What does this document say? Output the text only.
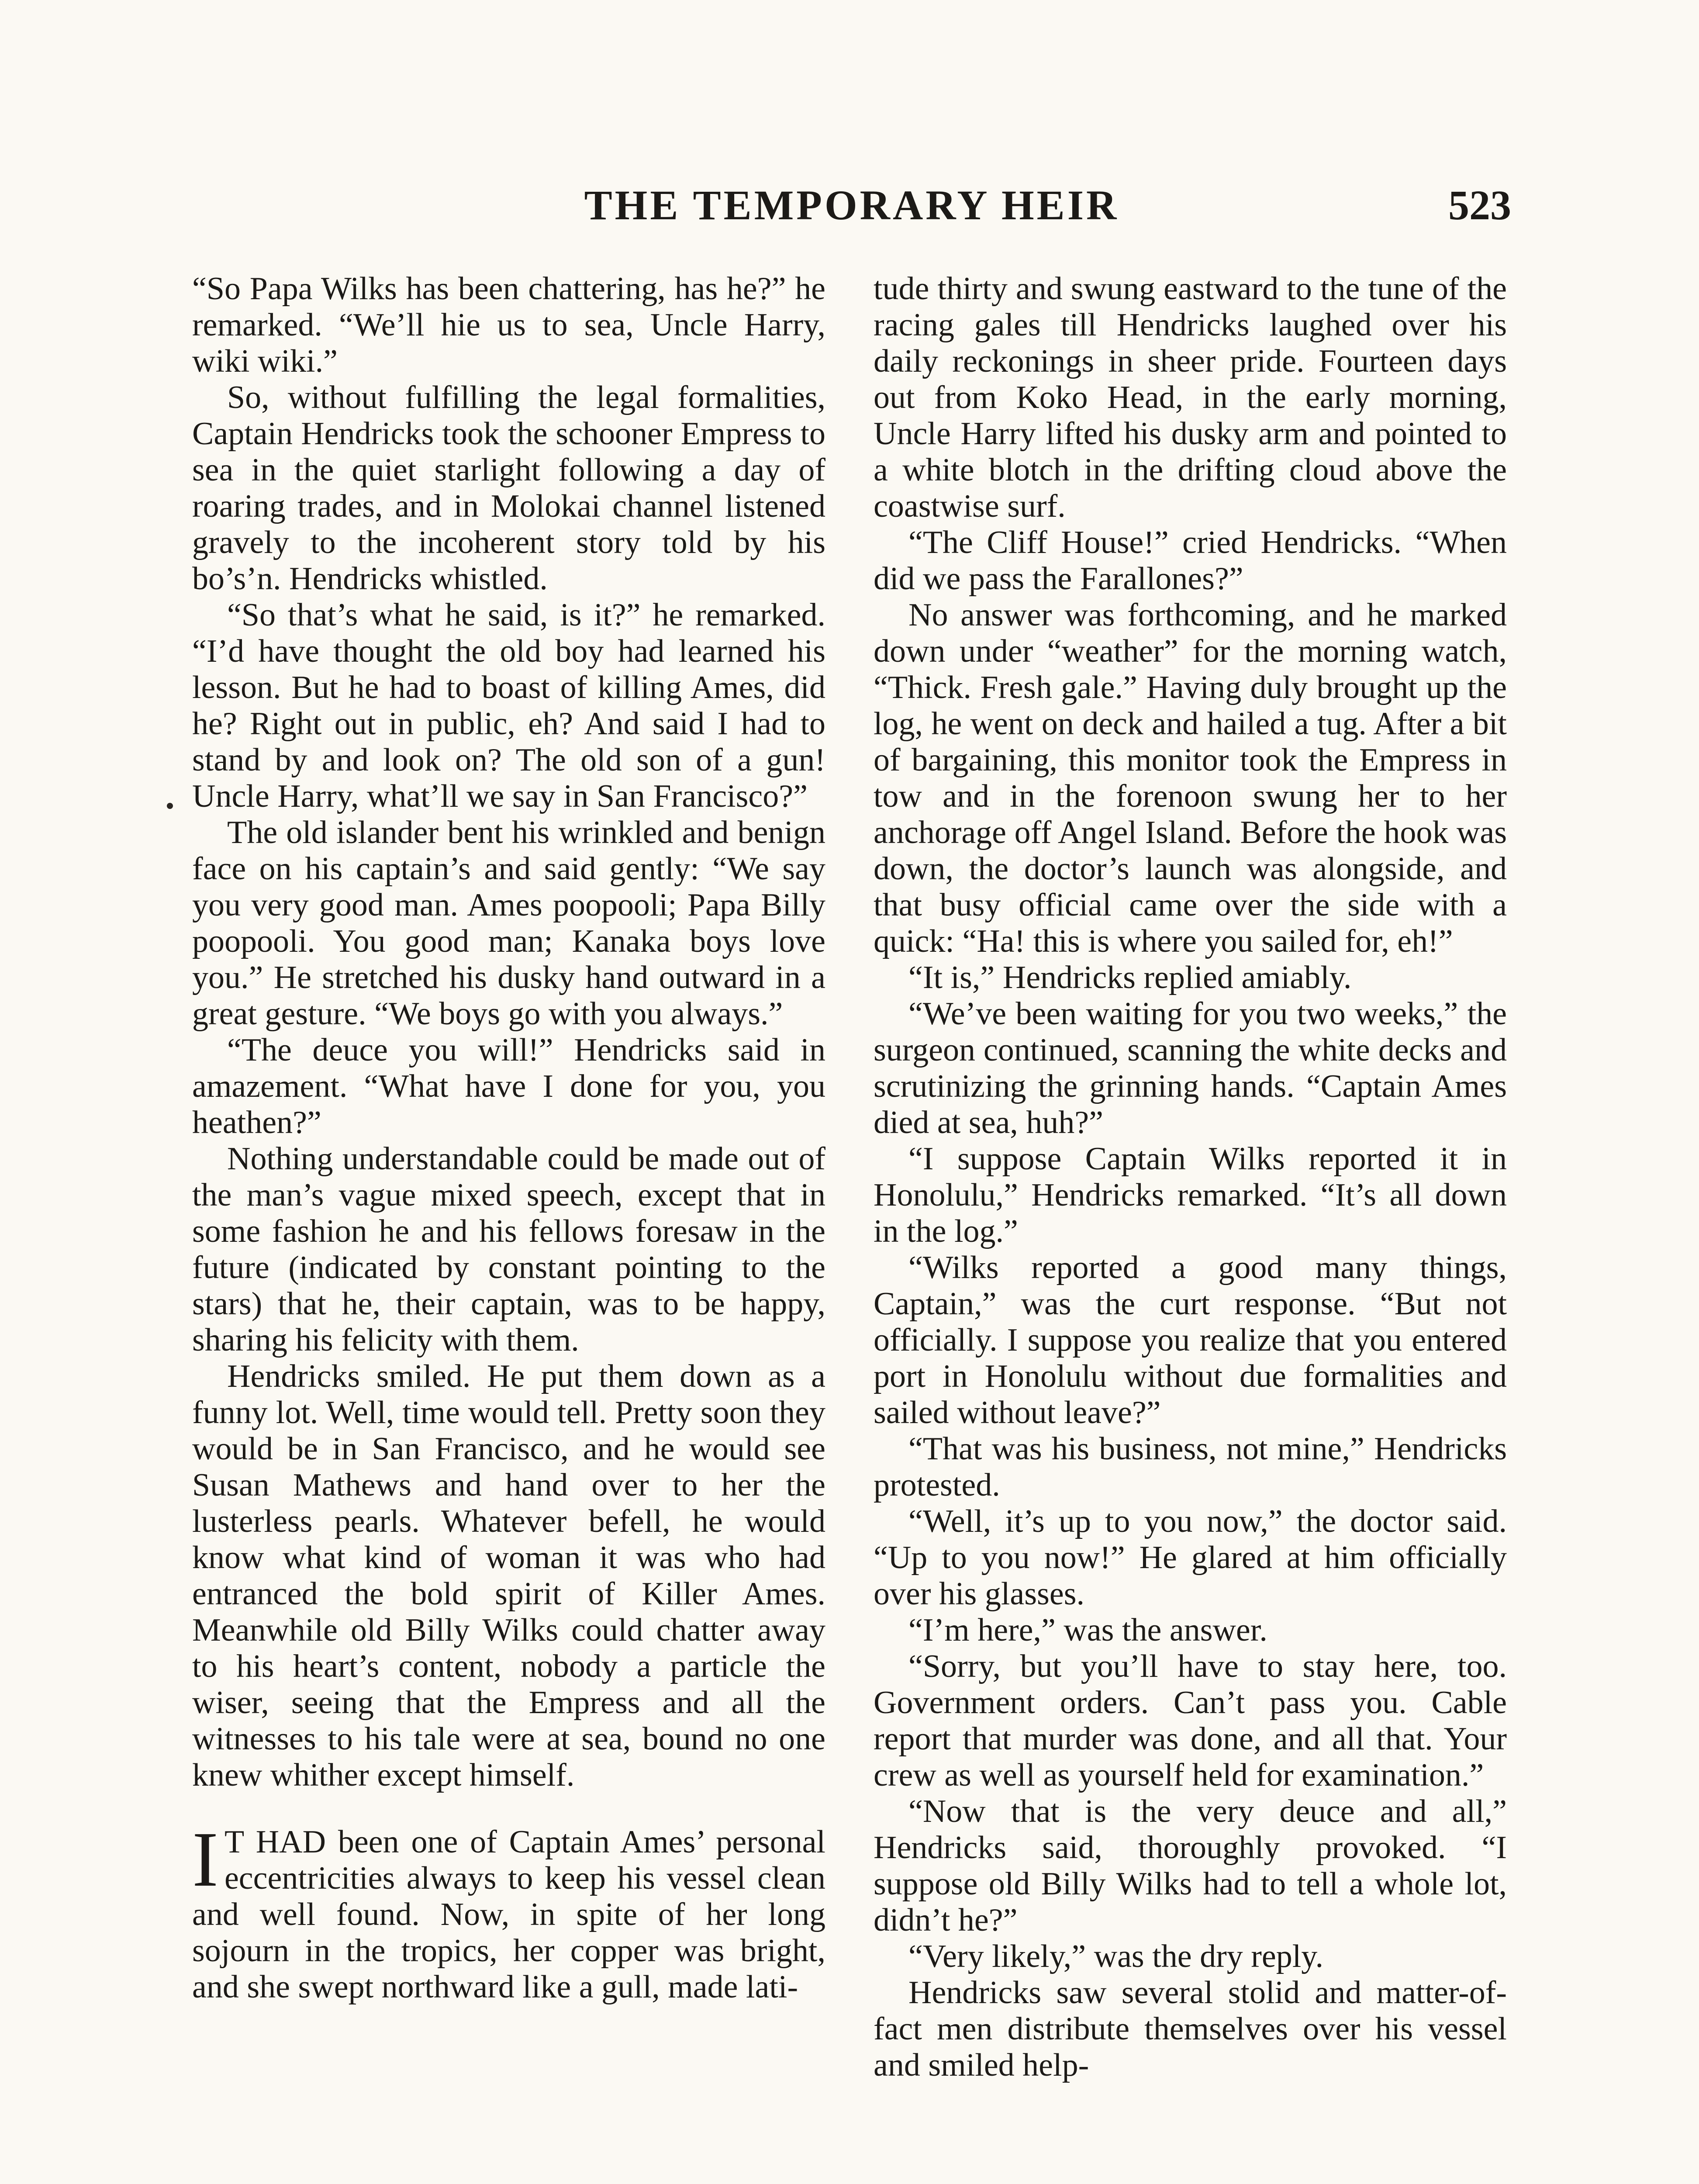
THE TEMPORARY HEIR	523

“So Papa Wilks has been chattering, has he?” he remarked. “We’ll hie us to sea, Uncle Harry, wiki wiki.”

So, without fulfilling the legal formalities, Captain Hendricks took the schooner Empress to sea in the quiet starlight following a day of roaring trades, and in Molokai channel listened gravely to the incoherent story told by his bo’s’n. Hendricks whistled.

“So that’s what he said, is it?” he remarked. “I’d have thought the old boy had learned his lesson. But he had to boast of killing Ames, did he? Right out in public, eh? And said I had to stand by and look on? The old son of a gun! Uncle Harry, what’ll we say in San Francisco?”

The old islander bent his wrinkled and benign face on his captain’s and said gently: “We say you very good man. Ames poopooli; Papa Billy poopooli. You good man; Kanaka boys love you.” He stretched his dusky hand outward in a great gesture. “We boys go with you always.”

“The deuce you will!” Hendricks said in amazement. “What have I done for you, you heathen?”

Nothing understandable could be made out of the man’s vague mixed speech, except that in some fashion he and his fellows foresaw in the future (indicated by constant pointing to the stars) that he, their captain, was to be happy, sharing his felicity with them.

Hendricks smiled. He put them down as a funny lot. Well, time would tell. Pretty soon they would be in San Francisco, and he would see Susan Mathews and hand over to her the lusterless pearls. Whatever befell, he would know what kind of woman it was who had entranced the bold spirit of Killer Ames. Meanwhile old Billy Wilks could chatter away to his heart’s content, nobody a particle the wiser, seeing that the Empress and all the witnesses to his tale were at sea, bound no one knew whither except himself.

I T HAD been one of Captain Ames’ personal eccentricities always to keep his vessel clean and well found. Now, in spite of her long sojourn in the tropics, her copper was bright, and she swept northward like a gull, made lati-

tude thirty and swung eastward to the tune of the racing gales till Hendricks laughed over his daily reckonings in sheer pride. Fourteen days out from Koko Head, in the early morning, Uncle Harry lifted his dusky arm and pointed to a white blotch in the drifting cloud above the coastwise surf.

“The Cliff House!” cried Hendricks. “When did we pass the Farallones?”

No answer was forthcoming, and he marked down under “weather” for the morning watch, “Thick. Fresh gale.” Having duly brought up the log, he went on deck and hailed a tug. After a bit of bargaining, this monitor took the Empress in tow and in the forenoon swung her to her anchorage off Angel Island. Before the hook was down, the doctor’s launch was alongside, and that busy official came over the side with a quick: “Ha! this is where you sailed for, eh!”

“It is,” Hendricks replied amiably.

“We’ve been waiting for you two weeks,” the surgeon continued, scanning the white decks and scrutinizing the grinning hands. “Captain Ames died at sea, huh?”

“I suppose Captain Wilks reported it in Honolulu,” Hendricks remarked. “It’s all down in the log.”

“Wilks reported a good many things, Captain,” was the curt response. “But not officially. I suppose you realize that you entered port in Honolulu without due formalities and sailed without leave?”

“That was his business, not mine,” Hendricks protested.

“Well, it’s up to you now,” the doctor said. “Up to you now!” He glared at him officially over his glasses.

“I’m here,” was the answer.

“Sorry, but you’ll have to stay here, too. Government orders. Can’t pass you. Cable report that murder was done, and all that. Your crew as well as yourself held for examination.”

“Now that is the very deuce and all,” Hendricks said, thoroughly provoked. “I suppose old Billy Wilks had to tell a whole lot, didn’t he?”

“Very likely,” was the dry reply.

Hendricks saw several stolid and matter-of-fact men distribute themselves over his vessel and smiled help-
